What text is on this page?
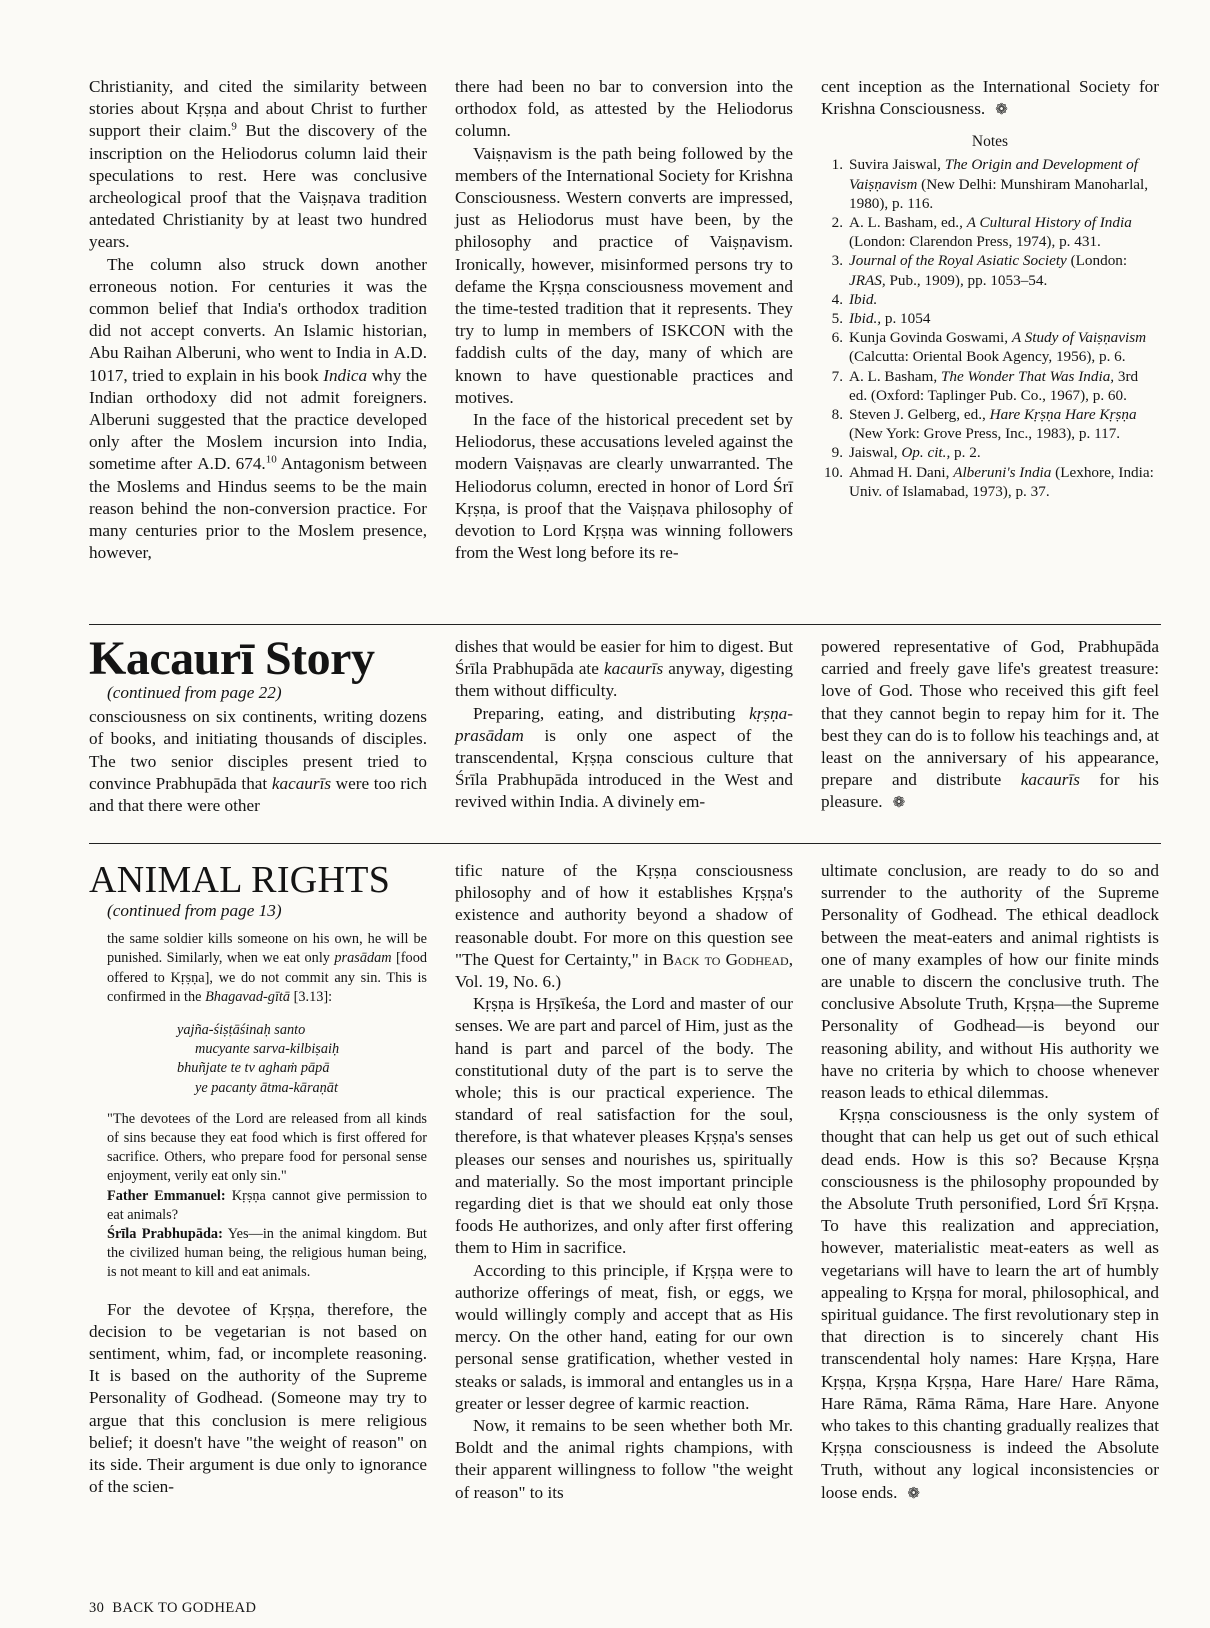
Christianity, and cited the similarity between stories about Kṛṣṇa and about Christ to further support their claim.$^9$ But the discovery of the inscription on the Heliodorus column laid their speculations to rest. Here was conclusive archeological proof that the Vaiṣṇava tradition antedated Christianity by at least two hundred years.

The column also struck down another erroneous notion. For centuries it was the common belief that India's orthodox tradition did not accept converts. An Islamic historian, Abu Raihan Alberuni, who went to India in A.D. 1017, tried to explain in his book Indica why the Indian orthodoxy did not admit foreigners. Alberuni suggested that the practice developed only after the Moslem incursion into India, sometime after A.D. 674.10 Antagonism between the Moslems and Hindus seems to be the main reason behind the non-conversion practice. For many centuries prior to the Moslem presence, however,

there had been no bar to conversion into the orthodox fold, as attested by the Heliodorus column.

Vaiṣṇavism is the path being followed by the members of the International Society for Krishna Consciousness. Western converts are impressed, just as Heliodorus must have been, by the philosophy and practice of Vaiṣṇavism. Ironically, however, misinformed persons try to defame the Kṛṣṇa consciousness movement and the time-tested tradition that it represents. They try to lump in members of ISKCON with the faddish cults of the day, many of which are known to have questionable practices and motives.

In the face of the historical precedent set by Heliodorus, these accusations leveled against the modern Vaiṣṇavas are clearly unwarranted. The Heliodorus column, erected in honor of Lord Śrī Kṛṣṇa, is proof that the Vaiṣṇava philosophy of devotion to Lord Kṛṣṇa was winning followers from the West long before its re-

cent inception as the International Society for Krishna Consciousness. ❁

Notes
1. Suvira Jaiswal, The Origin and Development of Vaiṣṇavism (New Delhi: Munshiram Manoharlal, 1980), p. 116.
2. A. L. Basham, ed., A Cultural History of India (London: Clarendon Press, 1974), p. 431.
3. Journal of the Royal Asiatic Society (London: JRAS, Pub., 1909), pp. 1053–54.
4. Ibid.
5. Ibid., p. 1054
6. Kunja Govinda Goswami, A Study of Vaiṣṇavism (Calcutta: Oriental Book Agency, 1956), p. 6.
7. A. L. Basham, The Wonder That Was India, 3rd ed. (Oxford: Taplinger Pub. Co., 1967), p. 60.
8. Steven J. Gelberg, ed., Hare Kṛṣṇa Hare Kṛṣṇa (New York: Grove Press, Inc., 1983), p. 117.
9. Jaiswal, Op. cit., p. 2.
10. Ahmad H. Dani, Alberuni's India (Lexhore, India: Univ. of Islamabad, 1973), p. 37.
Kacaurī Story

(continued from page 22)

consciousness on six continents, writing dozens of books, and initiating thousands of disciples. The two senior disciples present tried to convince Prabhupāda that kacaurīs were too rich and that there were other

dishes that would be easier for him to digest. But Śrīla Prabhupāda ate kacaurīs anyway, digesting them without difficulty.

Preparing, eating, and distributing kṛṣṇa-prasādam is only one aspect of the transcendental, Kṛṣṇa conscious culture that Śrīla Prabhupāda introduced in the West and revived within India. A divinely em-

powered representative of God, Prabhupāda carried and freely gave life's greatest treasure: love of God. Those who received this gift feel that they cannot begin to repay him for it. The best they can do is to follow his teachings and, at least on the anniversary of his appearance, prepare and distribute kacaurīs for his pleasure. ❁

ANIMAL RIGHTS

(continued from page 13)

the same soldier kills someone on his own, he will be punished. Similarly, when we eat only prasādam [food offered to Kṛṣṇa], we do not commit any sin. This is confirmed in the Bhagavad-gītā [3.13]:

yajña-śiṣṭāśinaḥ santo
mucyante sarva-kilbiṣaiḥ
bhuñjate te tv aghaṁ pāpā
ye pacanty ātma-kāraṇāt

"The devotees of the Lord are released from all kinds of sins because they eat food which is first offered for sacrifice. Others, who prepare food for personal sense enjoyment, verily eat only sin."

Father Emmanuel: Kṛṣṇa cannot give permission to eat animals?

Śrīla Prabhupāda: Yes—in the animal kingdom. But the civilized human being, the religious human being, is not meant to kill and eat animals.

For the devotee of Kṛṣṇa, therefore, the decision to be vegetarian is not based on sentiment, whim, fad, or incomplete reasoning. It is based on the authority of the Supreme Personality of Godhead. (Someone may try to argue that this conclusion is mere religious belief; it doesn't have "the weight of reason" on its side. Their argument is due only to ignorance of the scien-

tific nature of the Kṛṣṇa consciousness philosophy and of how it establishes Kṛṣṇa's existence and authority beyond a shadow of reasonable doubt. For more on this question see "The Quest for Certainty," in Back to Godhead, Vol. 19, No. 6.)

Kṛṣṇa is Hṛṣīkeśa, the Lord and master of our senses. We are part and parcel of Him, just as the hand is part and parcel of the body. The constitutional duty of the part is to serve the whole; this is our practical experience. The standard of real satisfaction for the soul, therefore, is that whatever pleases Kṛṣṇa's senses pleases our senses and nourishes us, spiritually and materially. So the most important principle regarding diet is that we should eat only those foods He authorizes, and only after first offering them to Him in sacrifice.

According to this principle, if Kṛṣṇa were to authorize offerings of meat, fish, or eggs, we would willingly comply and accept that as His mercy. On the other hand, eating for our own personal sense gratification, whether vested in steaks or salads, is immoral and entangles us in a greater or lesser degree of karmic reaction.

Now, it remains to be seen whether both Mr. Boldt and the animal rights champions, with their apparent willingness to follow "the weight of reason" to its

ultimate conclusion, are ready to do so and surrender to the authority of the Supreme Personality of Godhead. The ethical deadlock between the meat-eaters and animal rightists is one of many examples of how our finite minds are unable to discern the conclusive truth. The conclusive Absolute Truth, Kṛṣṇa—the Supreme Personality of Godhead—is beyond our reasoning ability, and without His authority we have no criteria by which to choose whenever reason leads to ethical dilemmas.

Kṛṣṇa consciousness is the only system of thought that can help us get out of such ethical dead ends. How is this so? Because Kṛṣṇa consciousness is the philosophy propounded by the Absolute Truth personified, Lord Śrī Kṛṣṇa. To have this realization and appreciation, however, materialistic meat-eaters as well as vegetarians will have to learn the art of humbly appealing to Kṛṣṇa for moral, philosophical, and spiritual guidance. The first revolutionary step in that direction is to sincerely chant His transcendental holy names: Hare Kṛṣṇa, Hare Kṛṣṇa, Kṛṣṇa Kṛṣṇa, Hare Hare/ Hare Rāma, Hare Rāma, Rāma Rāma, Hare Hare. Anyone who takes to this chanting gradually realizes that Kṛṣṇa consciousness is indeed the Absolute Truth, without any logical inconsistencies or loose ends. ❁

30 BACK TO GODHEAD
